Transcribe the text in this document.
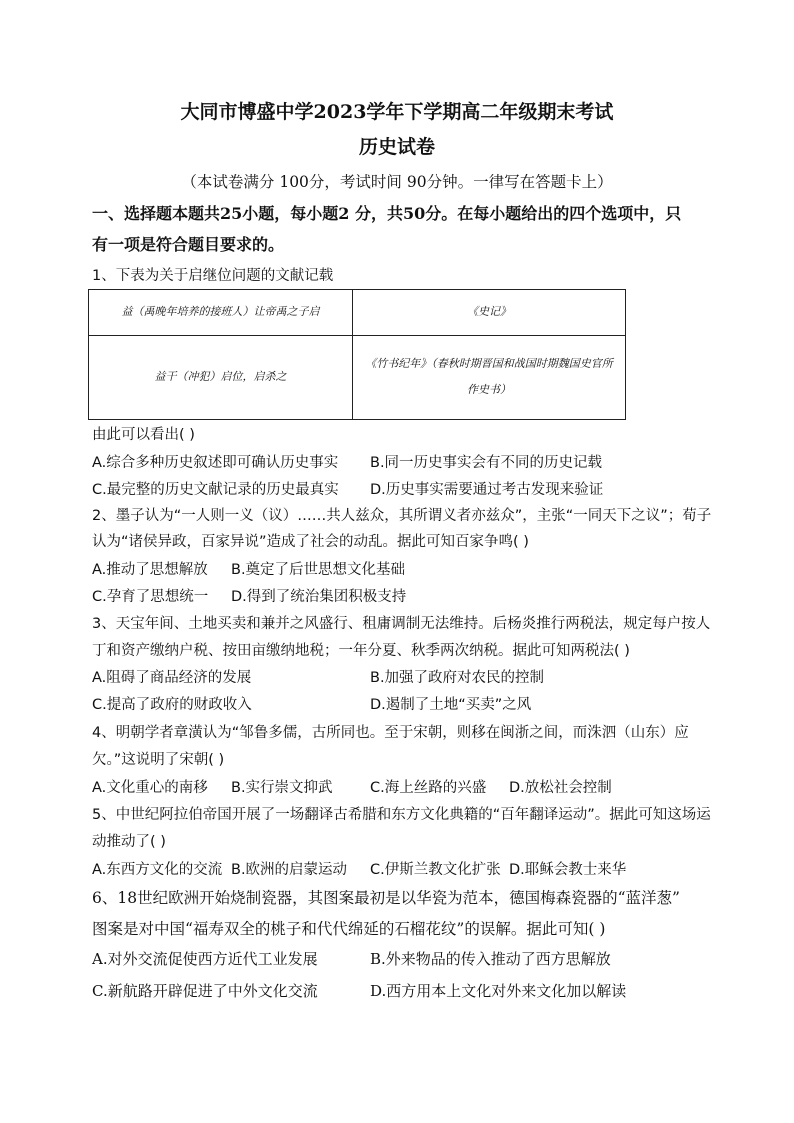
大同市博盛中学2023学年下学期高二年级期末考试
历史试卷
（本试卷满分 100分，考试时间 90分钟。一律写在答题卡上）
一、选择题本题共25小题，每小题2 分，共50分。在每小题给出的四个选项中，只
有一项是符合题目要求的。
1、下表为关于启继位问题的文献记载
益（禹晚年培养的接班人）让帝禹之子启	《史记》
益干（冲犯）启位，启杀之	《竹书纪年》（春秋时期晋国和战国时期魏国史官所作史书）
由此可以看出( )
A.综合多种历史叙述即可确认历史事实 B.同一历史事实会有不同的历史记载
C.最完整的历史文献记录的历史最真实 D.历史事实需要通过考古发现来验证
2、墨子认为“一人则一义（议）……共人兹众，其所谓义者亦兹众”，主张“一同天下之议”；荀子
认为“诸侯异政，百家异说”造成了社会的动乱。据此可知百家争鸣( )
A.推动了思想解放 B.奠定了后世思想文化基础
C.孕育了思想统一 D.得到了统治集团积极支持
3、天宝年间、土地买卖和兼并之风盛行、租庸调制无法维持。后杨炎推行两税法，规定每户按人
丁和资产缴纳户税、按田亩缴纳地税；一年分夏、秋季两次纳税。据此可知两税法( )
A.阻碍了商品经济的发展	B.加强了政府对农民的控制
C.提高了政府的财政收入	D.遏制了土地“买卖”之风
4、明朝学者章潢认为“邹鲁多儒，古所同也。至于宋朝，则移在闽浙之间，而洙泗（山东）应
欠。”这说明了宋朝( )
A.文化重心的南移 B.实行崇文抑武	C.海上丝路的兴盛 D.放松社会控制
5、中世纪阿拉伯帝国开展了一场翻译古希腊和东方文化典籍的“百年翻译运动”。据此可知这场运
动推动了( )
A.东西方文化的交流 B.欧洲的启蒙运动 C.伊斯兰教文化扩张 D.耶稣会教士来华
6、18世纪欧洲开始烧制瓷器，其图案最初是以华瓷为范本，德国梅森瓷器的“蓝洋葱”
图案是对中国“福寿双全的桃子和代代绵延的石榴花纹”的误解。据此可知( )
A.对外交流促使西方近代工业发展	B.外来物品的传入推动了西方思解放
C.新航路开辟促进了中外文化交流	D.西方用本上文化对外来文化加以解读
